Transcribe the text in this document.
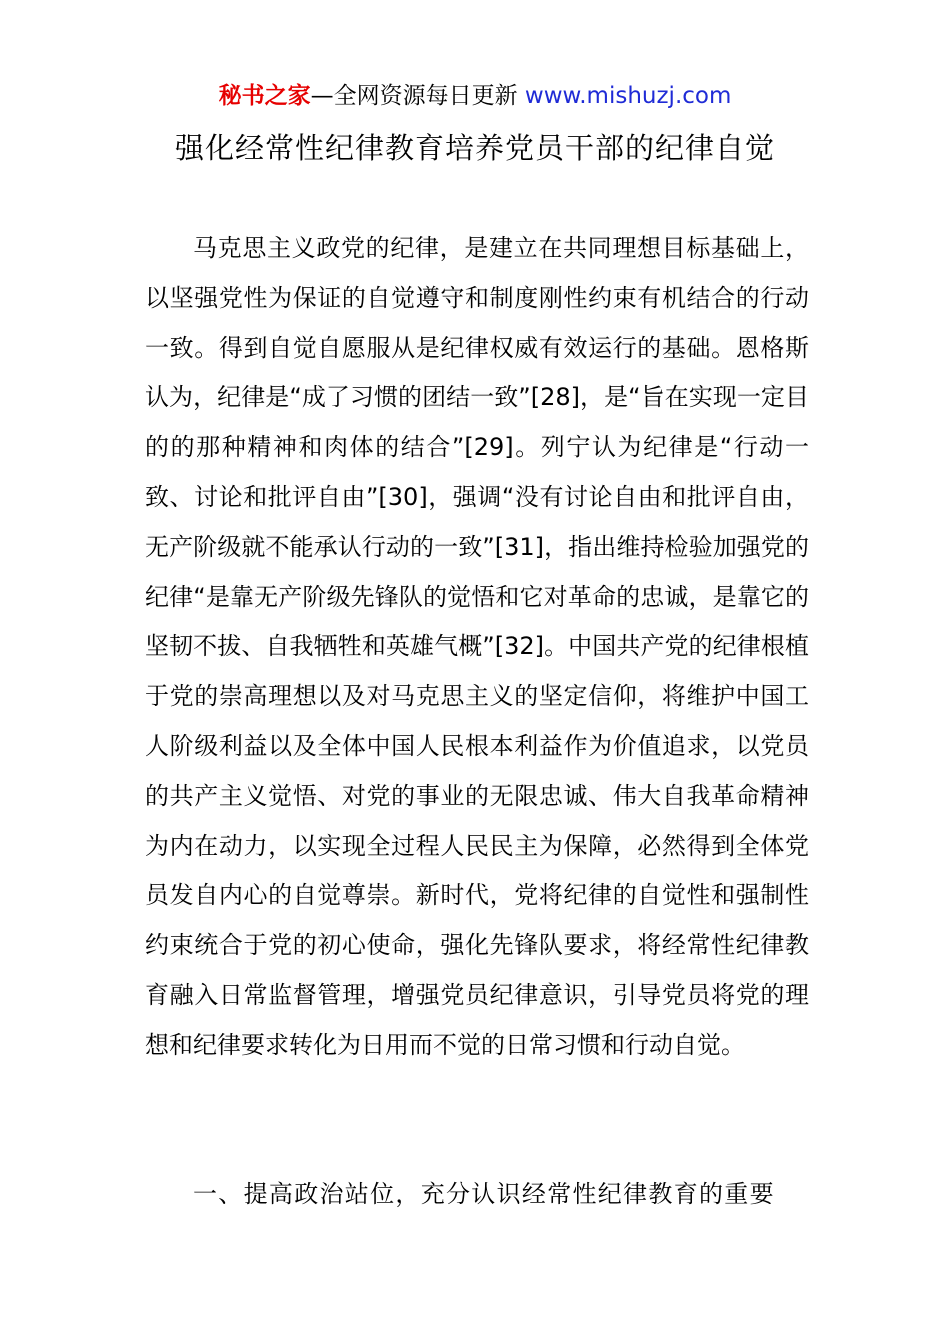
秘书之家—全网资源每日更新 www.mishuzj.com
强化经常性纪律教育培养党员干部的纪律自觉

马克思主义政党的纪律，是建立在共同理想目标基础上，以坚强党性为保证的自觉遵守和制度刚性约束有机结合的行动一致。得到自觉自愿服从是纪律权威有效运行的基础。恩格斯认为，纪律是“成了习惯的团结一致”[28]，是“旨在实现一定目的的那种精神和肉体的结合”[29]。列宁认为纪律是“行动一致、讨论和批评自由”[30]，强调“没有讨论自由和批评自由，无产阶级就不能承认行动的一致”[31]，指出维持检验加强党的纪律“是靠无产阶级先锋队的觉悟和它对革命的忠诚，是靠它的坚韧不拔、自我牺牲和英雄气概”[32]。中国共产党的纪律根植于党的崇高理想以及对马克思主义的坚定信仰，将维护中国工人阶级利益以及全体中国人民根本利益作为价值追求，以党员的共产主义觉悟、对党的事业的无限忠诚、伟大自我革命精神为内在动力，以实现全过程人民民主为保障，必然得到全体党员发自内心的自觉尊崇。新时代，党将纪律的自觉性和强制性约束统合于党的初心使命，强化先锋队要求，将经常性纪律教育融入日常监督管理，增强党员纪律意识，引导党员将党的理想和纪律要求转化为日用而不觉的日常习惯和行动自觉。

一、提高政治站位，充分认识经常性纪律教育的重要
